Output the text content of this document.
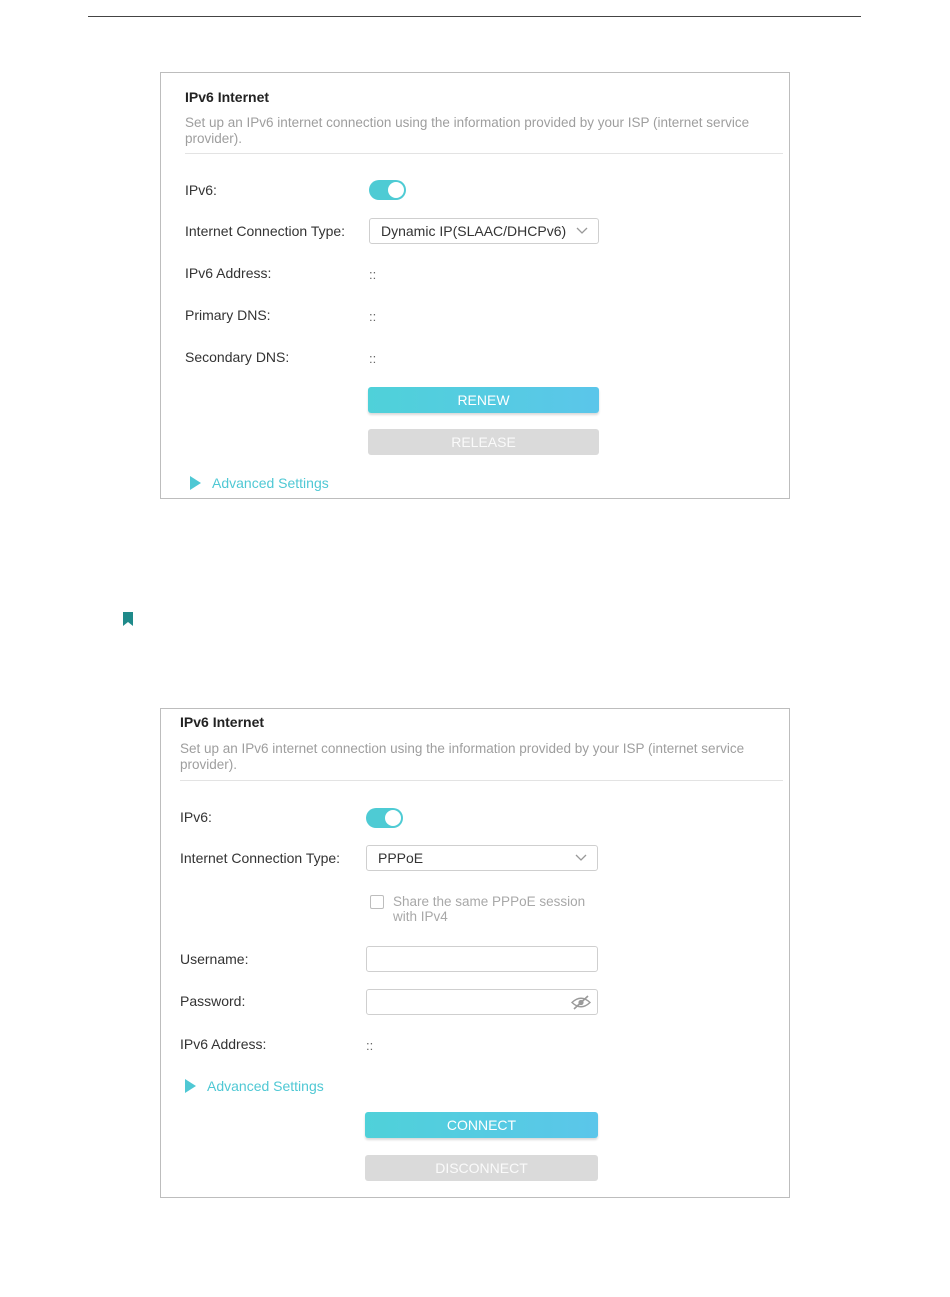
IPv6 Internet
Set up an IPv6 internet connection using the information provided by your ISP (internet service provider).
IPv6:
Internet Connection Type:	Dynamic IP(SLAAC/DHCPv6)
IPv6 Address:	::
Primary DNS:	::
Secondary DNS:	::
RENEW
RELEASE
Advanced Settings
IPv6 Internet
Set up an IPv6 internet connection using the information provided by your ISP (internet service provider).
IPv6:
Internet Connection Type:	PPPoE
Share the same PPPoE session with IPv4
Username:
Password:
IPv6 Address:	::
Advanced Settings
CONNECT
DISCONNECT
